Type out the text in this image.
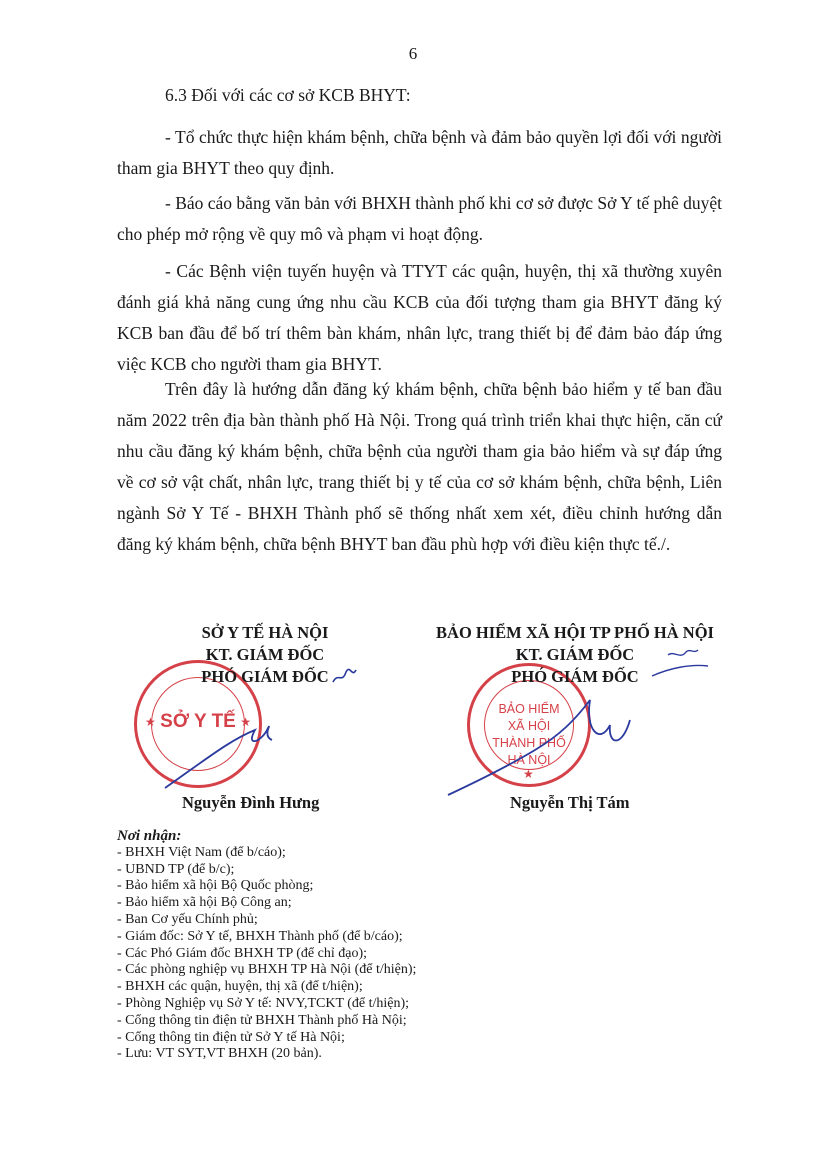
6

6.3 Đối với các cơ sở KCB BHYT:

- Tổ chức thực hiện khám bệnh, chữa bệnh và đảm bảo quyền lợi đối với người tham gia BHYT theo quy định.

- Báo cáo bằng văn bản với BHXH thành phố khi cơ sở được Sở Y tế phê duyệt cho phép mở rộng về quy mô và phạm vi hoạt động.

- Các Bệnh viện tuyến huyện và TTYT các quận, huyện, thị xã thường xuyên đánh giá khả năng cung ứng nhu cầu KCB của đối tượng tham gia BHYT đăng ký KCB ban đầu để bố trí thêm bàn khám, nhân lực, trang thiết bị để đảm bảo đáp ứng việc KCB cho người tham gia BHYT.

Trên đây là hướng dẫn đăng ký khám bệnh, chữa bệnh bảo hiểm y tế ban đầu năm 2022 trên địa bàn thành phố Hà Nội. Trong quá trình triển khai thực hiện, căn cứ nhu cầu đăng ký khám bệnh, chữa bệnh của người tham gia bảo hiểm và sự đáp ứng về cơ sở vật chất, nhân lực, trang thiết bị y tế của cơ sở khám bệnh, chữa bệnh, Liên ngành Sở Y Tế - BHXH Thành phố sẽ thống nhất xem xét, điều chỉnh hướng dẫn đăng ký khám bệnh, chữa bệnh BHYT ban đầu phù hợp với điều kiện thực tế./.

SỞ Y TẾ
★	★
BẢO HIỂM
XÃ HỘI
THÀNH PHỐ
HÀ NỘI
★
SỞ Y TẾ HÀ NỘI
KT. GIÁM ĐỐC
PHÓ GIÁM ĐỐC
BẢO HIỂM XÃ HỘI TP PHỐ HÀ NỘI
KT. GIÁM ĐỐC
PHÓ GIÁM ĐỐC
Nguyễn Đình Hưng	Nguyễn Thị Tám
Nơi nhận:
- BHXH Việt Nam (để b/cáo);
- UBND TP (để b/c);
- Bảo hiểm xã hội Bộ Quốc phòng;
- Bảo hiểm xã hội Bộ Công an;
- Ban Cơ yếu Chính phủ;
- Giám đốc: Sở Y tế, BHXH Thành phố (để b/cáo);
- Các Phó Giám đốc BHXH TP (để chỉ đạo);
- Các phòng nghiệp vụ BHXH TP Hà Nội (để t/hiện);
- BHXH các quận, huyện, thị xã (để t/hiện);
- Phòng Nghiệp vụ Sở Y tế: NVY,TCKT (để t/hiện);
- Cổng thông tin điện tử BHXH Thành phố Hà Nội;
- Cổng thông tin điện tử Sở Y tế Hà Nội;
- Lưu: VT SYT,VT BHXH (20 bản).
